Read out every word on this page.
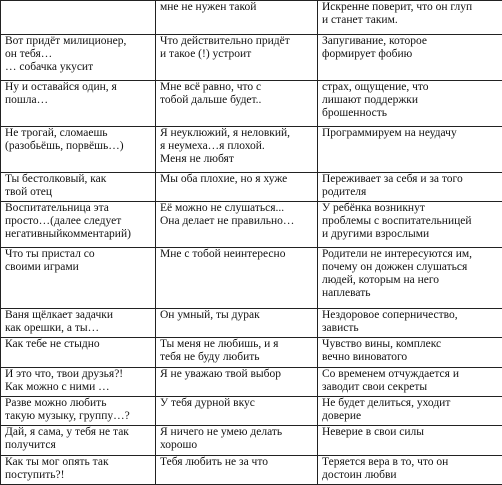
	мне не нужен такой	Искренне поверит, что он глуп
и станет таким.

Вот придёт милиционер,
он тебя…
… собачка укусит	Что действительно придёт
и такое (!) устроит	Запугивание, которое
формирует фобию

Ну и оставайся один, я
пошла…	Мне всё равно, что с
тобой дальше будет..	страх, ощущение, что
лишают поддержки
брошенность

Не трогай, сломаешь
(разобьёшь, порвёшь…)	Я неуклюжий, я неловкий,
я неумеха…я плохой.
Меня не любят	Программируем на неудачу

Ты бестолковый, как
твой отец	Мы оба плохие, но я хуже	Переживает за себя и за того
родителя

Воспитательница эта
просто…(далее следует
негативныйкомментарий)	Её можно не слушаться...
Она делает не правильно…	У ребёнка возникнут
проблемы с воспитательницей
и другими взрослыми

Что ты пристал со
своими играми	Мне с тобой неинтересно	Родители не интересуются им,
почему он дожжен слушаться
людей, которым на него
наплевать

Ваня щёлкает задачки
как орешки, а ты…	Он умный, ты дурак	Нездоровое соперничество,
зависть

Как тебе не стыдно	Ты меня не любишь, и я
тебя не буду любить	Чувство вины, комплекс
вечно виноватого

И это что, твои друзья?!
Как можно с ними …	Я не уважаю твой выбор	Со временем отчуждается и
заводит свои секреты

Разве можно любить
такую музыку, группу…?	У тебя дурной вкус	Не будет делиться, уходит
доверие

Дай, я сама, у тебя не так
получится	Я ничего не умею делать
хорошо	Неверие в свои силы

Как ты мог опять так
поступить?!	Тебя любить не за что	Теряется вера в то, что он
достоин любви
